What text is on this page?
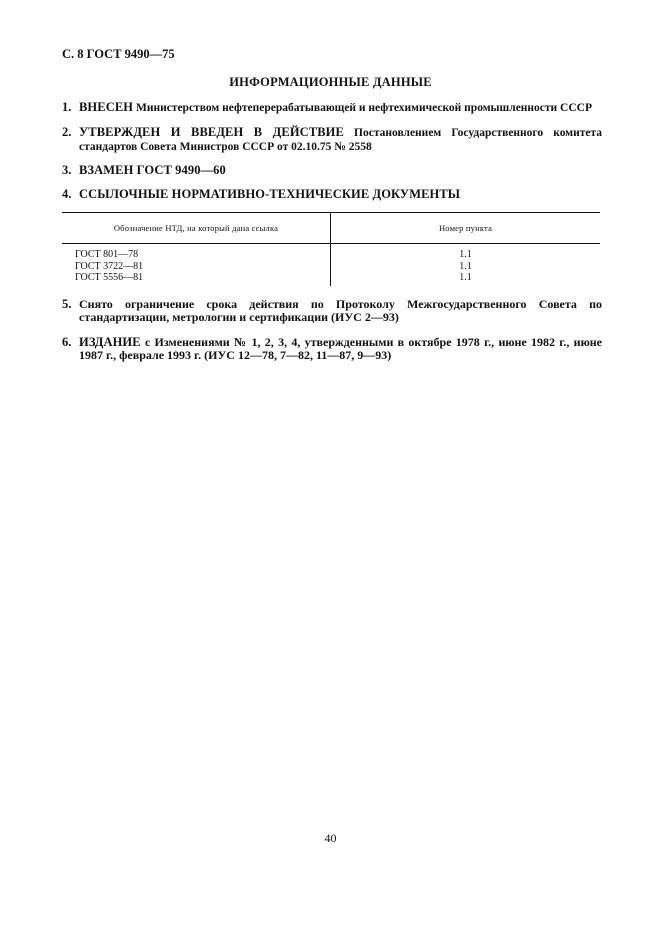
С. 8 ГОСТ 9490—75
ИНФОРМАЦИОННЫЕ ДАННЫЕ
1. ВНЕСЕН Министерством нефтеперерабатывающей и нефтехимической промышленности СССР
2. УТВЕРЖДЕН И ВВЕДЕН В ДЕЙСТВИЕ Постановлением Государственного комитета стандартов Совета Министров СССР от 02.10.75 № 2558
3. ВЗАМЕН ГОСТ 9490—60
4. ССЫЛОЧНЫЕ НОРМАТИВНО-ТЕХНИЧЕСКИЕ ДОКУМЕНТЫ
Обозначение НТД, на который дана ссылка	Номер пункта
ГОСТ 801—78	1.1
ГОСТ 3722—81	1.1
ГОСТ 5556—81	1.1
5. Снято ограничение срока действия по Протоколу Межгосударственного Совета по стандартизации, метрологии и сертификации (ИУС 2—93)
6. ИЗДАНИЕ с Изменениями № 1, 2, 3, 4, утвержденными в октябре 1978 г., июне 1982 г., июне 1987 г., феврале 1993 г. (ИУС 12—78, 7—82, 11—87, 9—93)
40
